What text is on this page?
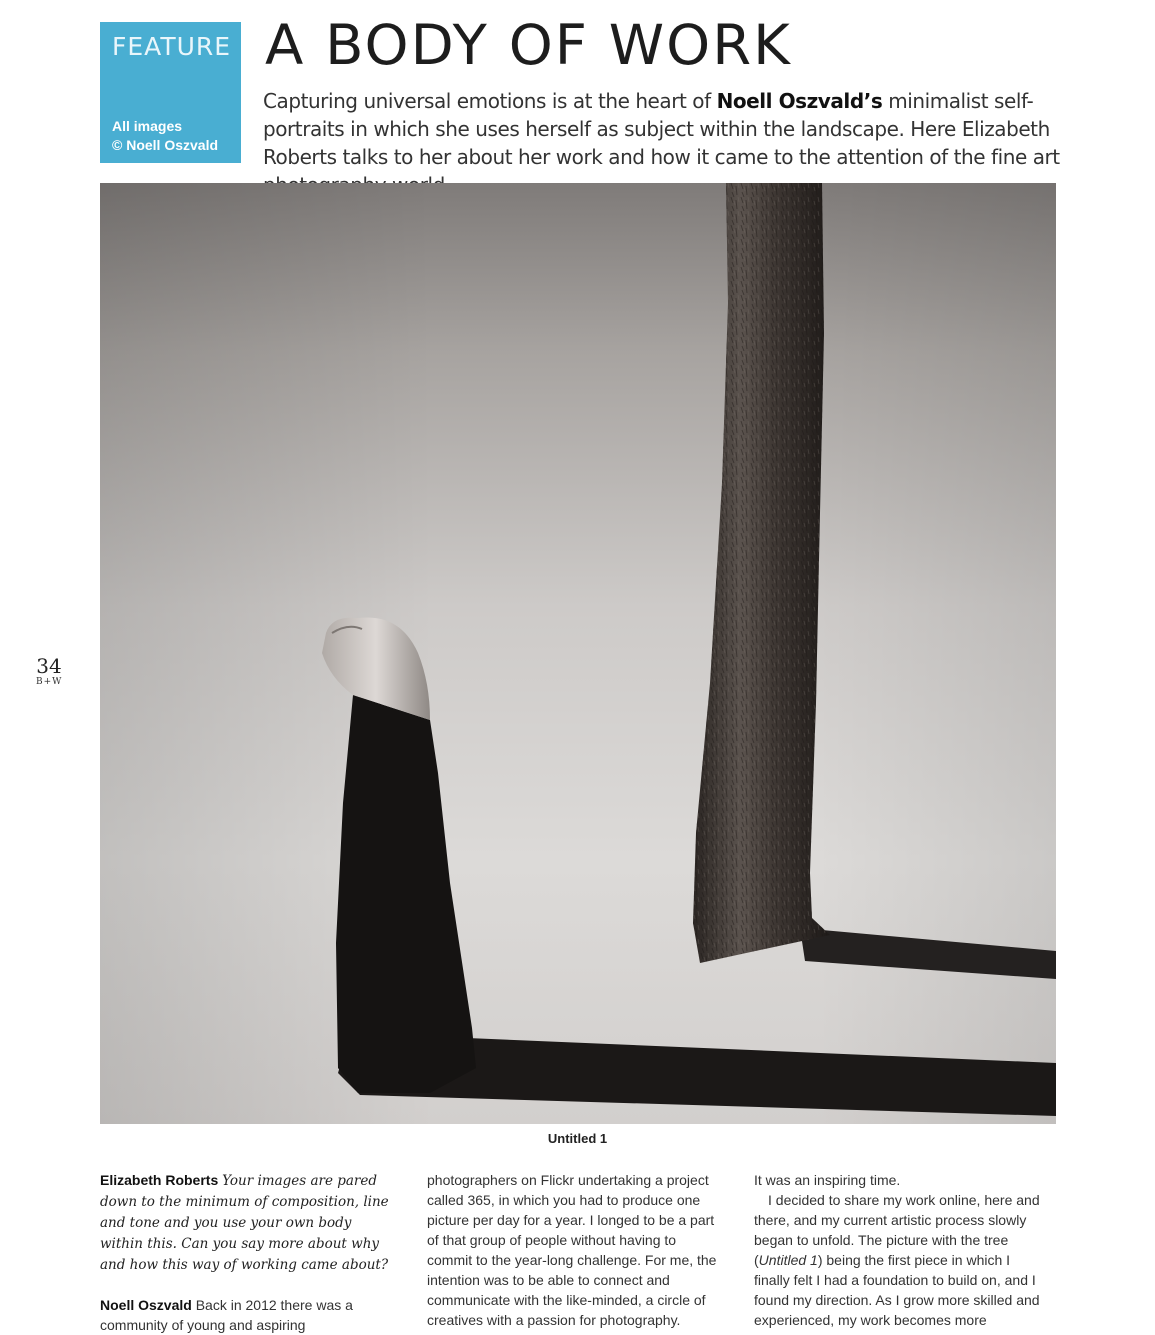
FEATURE
All images
© Noell Oszvald
A BODY OF WORK
Capturing universal emotions is at the heart of Noell Oszvald’s minimalist self-portraits in which she uses herself as subject within the landscape. Here Elizabeth Roberts talks to her about her work and how it came to the attention of the fine art
Untitled 1
34
B+W

Elizabeth Roberts Your images are pared down to the minimum of composition, line and tone and you use your own body within this. Can you say more about why and how this way of working came about?

Noell Oszvald Back in 2012 there was a community of young and aspiring

photographers on Flickr undertaking a project called 365, in which you had to produce one picture per day for a year. I longed to be a part of that group of people without having to commit to the year-long challenge. For me, the intention was to be able to connect and communicate with the like-minded, a circle of creatives with a passion for photography.

It was an inspiring time.

I decided to share my work online, here and there, and my current artistic process slowly began to unfold. The picture with the tree (Untitled 1) being the first piece in which I finally felt I had a foundation to build on, and I found my direction. As I grow more skilled and experienced, my work becomes more
